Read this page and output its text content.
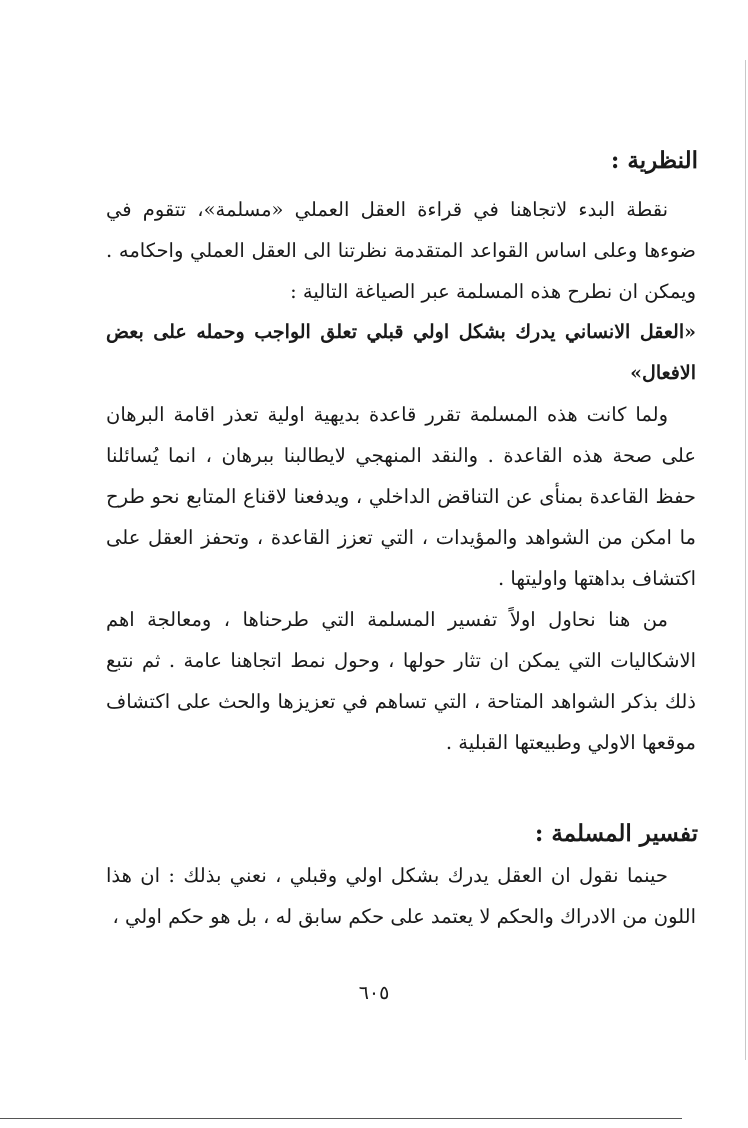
النظرية :

نقطة البدء لاتجاهنا في قراءة العقل العملي «مسلمة»، تتقوم في ضوءها وعلى اساس القواعد المتقدمة نظرتنا الى العقل العملي واحكامه . ويمكن ان نطرح هذه المسلمة عبر الصياغة التالية :

«العقل الانساني يدرك بشكل اولي قبلي تعلق الواجب وحمله على بعض الافعال»

ولما كانت هذه المسلمة تقرر قاعدة بديهية اولية تعذر اقامة البرهان على صحة هذه القاعدة . والنقد المنهجي لايطالبنا ببرهان ، انما يُسائلنا حفظ القاعدة بمنأى عن التناقض الداخلي ، ويدفعنا لاقناع المتابع نحو طرح ما امكن من الشواهد والمؤيدات ، التي تعزز القاعدة ، وتحفز العقل على اكتشاف بداهتها واوليتها .

من هنا نحاول اولاً تفسير المسلمة التي طرحناها ، ومعالجة اهم الاشكاليات التي يمكن ان تثار حولها ، وحول نمط اتجاهنا عامة . ثم نتبع ذلك بذكر الشواهد المتاحة ، التي تساهم في تعزيزها والحث على اكتشاف موقعها الاولي وطبيعتها القبلية .

تفسير المسلمة :

حينما نقول ان العقل يدرك بشكل اولي وقبلي ، نعني بذلك : ان هذا اللون من الادراك والحكم لا يعتمد على حكم سابق له ، بل هو حكم اولي ،

٦٠٥
